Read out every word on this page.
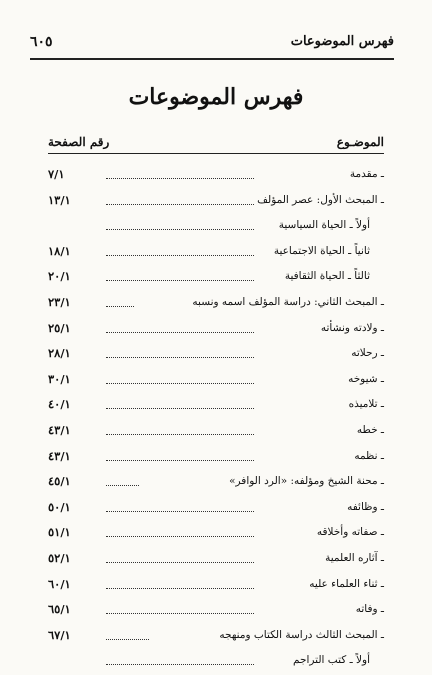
فهرس الموضوعات
٦٠٥
فهرس الموضوعات
الموضـوع
رقم الصفحة
ـ مقدمة
٧/١
ـ المبحث الأول: عصر المؤلف
١٣/١
أولاً ـ الحياة السياسية
ثانياً ـ الحياة الاجتماعية
١٨/١
ثالثاً ـ الحياة الثقافية
٢٠/١
ـ المبحث الثاني: دراسة المؤلف اسمه ونسبه
٢٣/١
ـ ولادته ونشأته
٢٥/١
ـ رحلاته
٢٨/١
ـ شيوخه
٣٠/١
ـ تلاميذه
٤٠/١
ـ خطه
٤٣/١
ـ نظمه
٤٣/١
ـ محنة الشيخ ومؤلفه: «الرد الوافر»
٤٥/١
ـ وظائفه
٥٠/١
ـ صفاته وأخلاقه
٥١/١
ـ آثاره العلمية
٥٢/١
ـ ثناء العلماء عليه
٦٠/١
ـ وفاته
٦٥/١
ـ المبحث الثالث دراسة الكتاب ومنهجه
٦٧/١
أولاً ـ كتب التراجم
